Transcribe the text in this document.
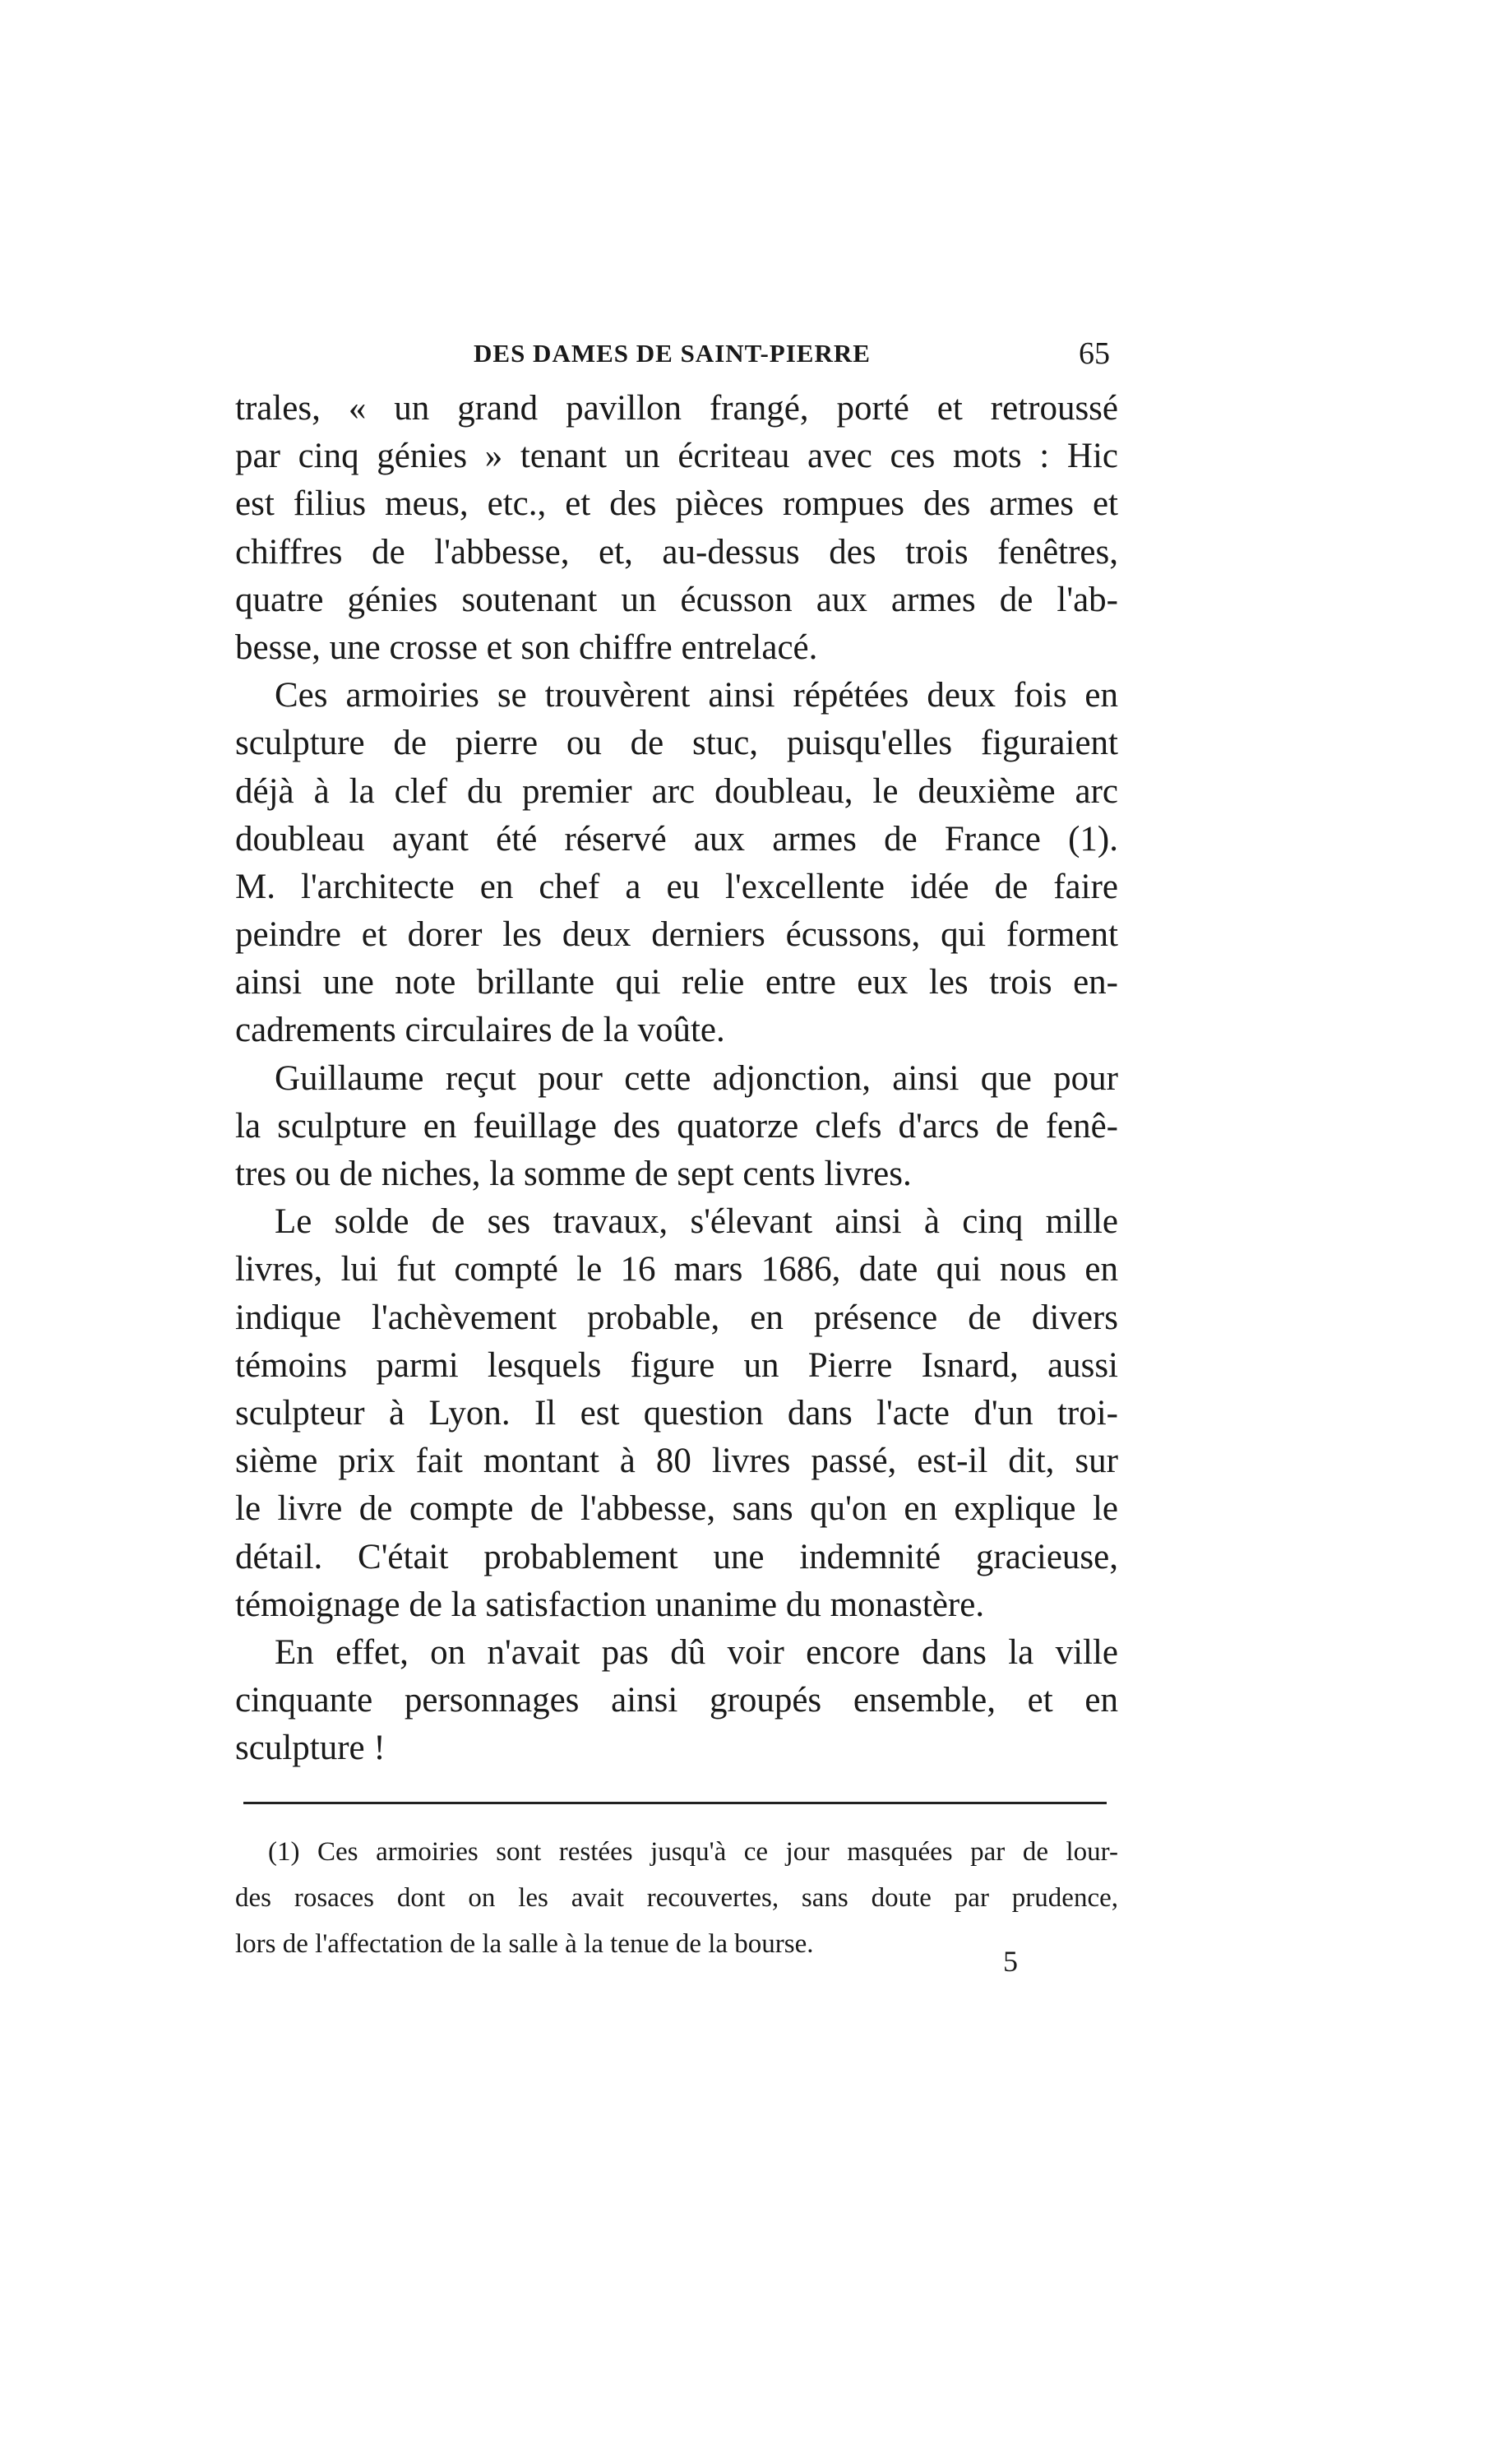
DES DAMES DE SAINT-PIERRE	65
trales, « un grand pavillon frangé, porté et retroussé
par cinq génies » tenant un écriteau avec ces mots : Hic
est filius meus, etc., et des pièces rompues des armes et
chiffres de l'abbesse, et, au-dessus des trois fenêtres,
quatre génies soutenant un écusson aux armes de l'ab-
besse, une crosse et son chiffre entrelacé.
Ces armoiries se trouvèrent ainsi répétées deux fois en
sculpture de pierre ou de stuc, puisqu'elles figuraient
déjà à la clef du premier arc doubleau, le deuxième arc
doubleau ayant été réservé aux armes de France (1).
M. l'architecte en chef a eu l'excellente idée de faire
peindre et dorer les deux derniers écussons, qui forment
ainsi une note brillante qui relie entre eux les trois en-
cadrements circulaires de la voûte.
Guillaume reçut pour cette adjonction, ainsi que pour
la sculpture en feuillage des quatorze clefs d'arcs de fenê-
tres ou de niches, la somme de sept cents livres.
Le solde de ses travaux, s'élevant ainsi à cinq mille
livres, lui fut compté le 16 mars 1686, date qui nous en
indique l'achèvement probable, en présence de divers
témoins parmi lesquels figure un Pierre Isnard, aussi
sculpteur à Lyon. Il est question dans l'acte d'un troi-
sième prix fait montant à 80 livres passé, est-il dit, sur
le livre de compte de l'abbesse, sans qu'on en explique le
détail. C'était probablement une indemnité gracieuse,
témoignage de la satisfaction unanime du monastère.
En effet, on n'avait pas dû voir encore dans la ville
cinquante personnages ainsi groupés ensemble, et en
sculpture !
(1) Ces armoiries sont restées jusqu'à ce jour masquées par de lour-
des rosaces dont on les avait recouvertes, sans doute par prudence,
lors de l'affectation de la salle à la tenue de la bourse.
5
